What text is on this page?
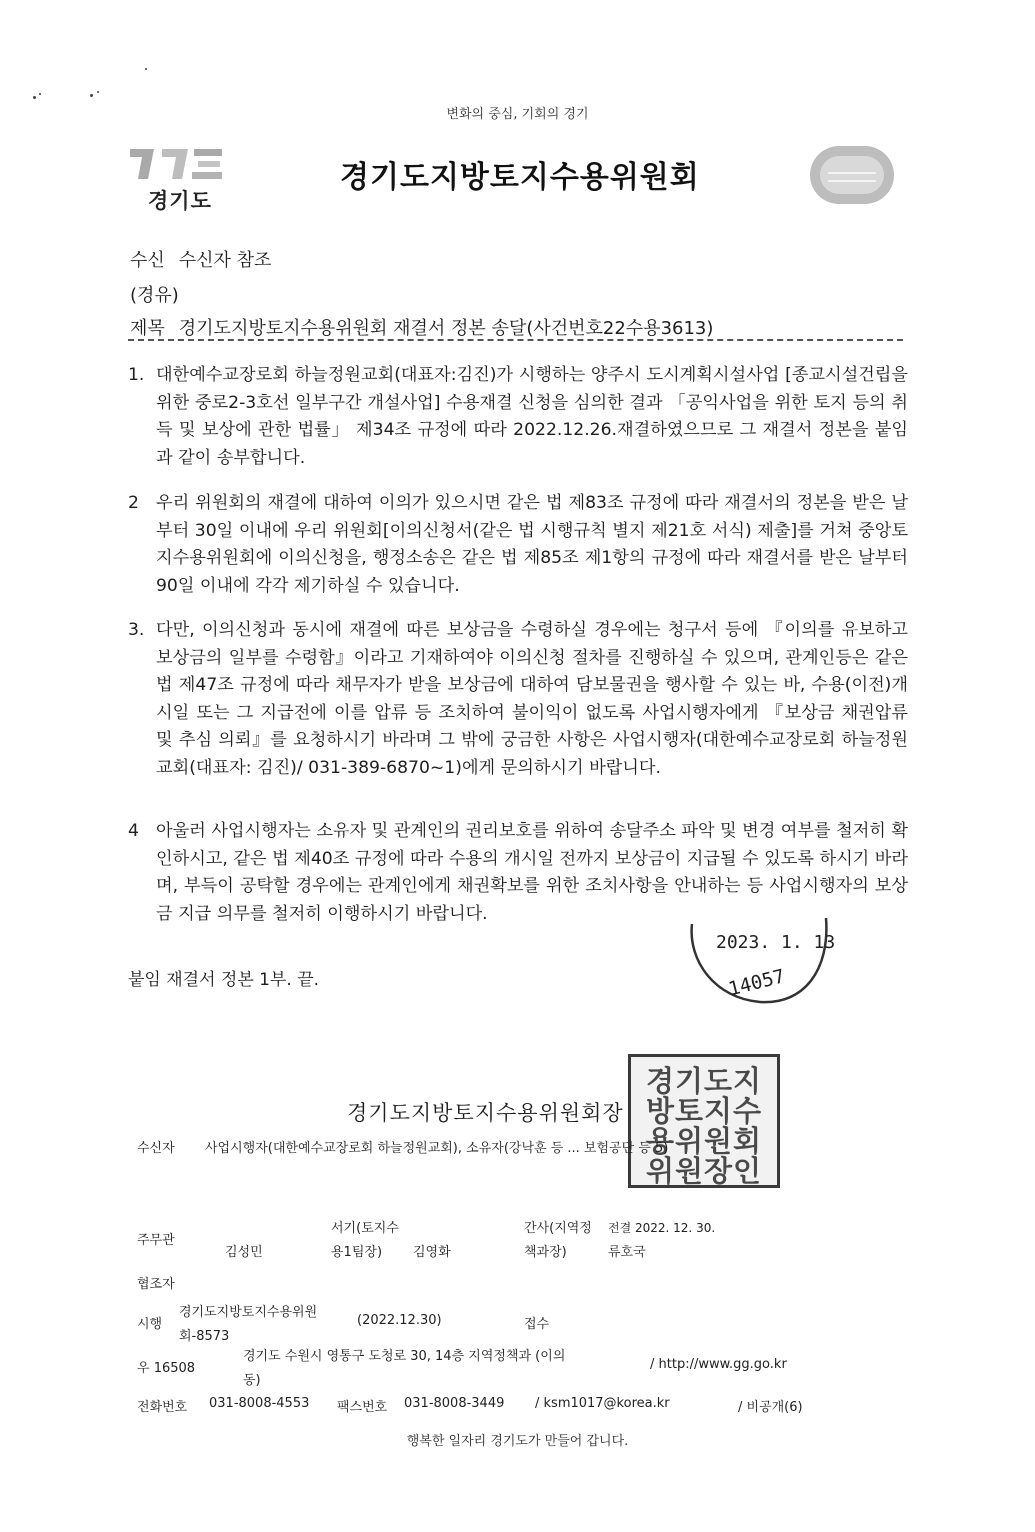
변화의 중심, 기회의 경기
경기도
경기도지방토지수용위원회
수신 수신자 참조
(경유)
제목 경기도지방토지수용위원회 재결서 정본 송달(사건번호22수용3613)
1. 대한예수교장로회 하늘정원교회(대표자:김진)가 시행하는 양주시 도시계획시설사업 [종교시설건립을 위한 중로2-3호선 일부구간 개설사업] 수용재결 신청을 심의한 결과 「공익사업을 위한 토지 등의 취득 및 보상에 관한 법률」 제34조 규정에 따라 2022.12.26.재결하였으므로 그 재결서 정본을 붙임과 같이 송부합니다.
2 우리 위원회의 재결에 대하여 이의가 있으시면 같은 법 제83조 규정에 따라 재결서의 정본을 받은 날부터 30일 이내에 우리 위원회[이의신청서(같은 법 시행규칙 별지 제21호 서식) 제출]를 거쳐 중앙토지수용위원회에 이의신청을, 행정소송은 같은 법 제85조 제1항의 규정에 따라 재결서를 받은 날부터 90일 이내에 각각 제기하실 수 있습니다.
3. 다만, 이의신청과 동시에 재결에 따른 보상금을 수령하실 경우에는 청구서 등에 『이의를 유보하고 보상금의 일부를 수령함』이라고 기재하여야 이의신청 절차를 진행하실 수 있으며, 관계인등은 같은 법 제47조 규정에 따라 채무자가 받을 보상금에 대하여 담보물권을 행사할 수 있는 바, 수용(이전)개시일 또는 그 지급전에 이를 압류 등 조치하여 불이익이 없도록 사업시행자에게 『보상금 채권압류 및 추심 의뢰』를 요청하시기 바라며 그 밖에 궁금한 사항은 사업시행자(대한예수교장로회 하늘정원교회(대표자: 김진)/ 031-389-6870~1)에게 문의하시기 바랍니다.
4 아울러 사업시행자는 소유자 및 관계인의 권리보호를 위하여 송달주소 파악 및 변경 여부를 철저히 확인하시고, 같은 법 제40조 규정에 따라 수용의 개시일 전까지 보상금이 지급될 수 있도록 하시기 바라며, 부득이 공탁할 경우에는 관계인에게 채권확보를 위한 조치사항을 안내하는 등 사업시행자의 보상금 지급 의무를 철저히 이행하시기 바랍니다.
붙임 재결서 정본 1부. 끝.
2023. 1. 13
14057
경기도지방토지수용위원회장
경기도지
방토지수
용위원회
위원장인
수신자 사업시행자(대한예수교장로회 하늘정원교회), 소유자(강낙훈 등 ... 보험공단 등 5)
주무관
김성민
서기(토지수
용1팀장) 김영화
간사(지역정
책과장)
전결 2022. 12. 30.
류호국
협조자
시행
경기도지방토지수용위원
회-8573
(2022.12.30)	접수
우 16508
경기도 수원시 영통구 도청로 30, 14층 지역정책과 (이의
동)
/ http://www.gg.go.kr
전화번호 031-8008-4553 팩스번호 031-8008-3449 / ksm1017@korea.kr	/ 비공개(6)
행복한 일자리 경기도가 만들어 갑니다.
